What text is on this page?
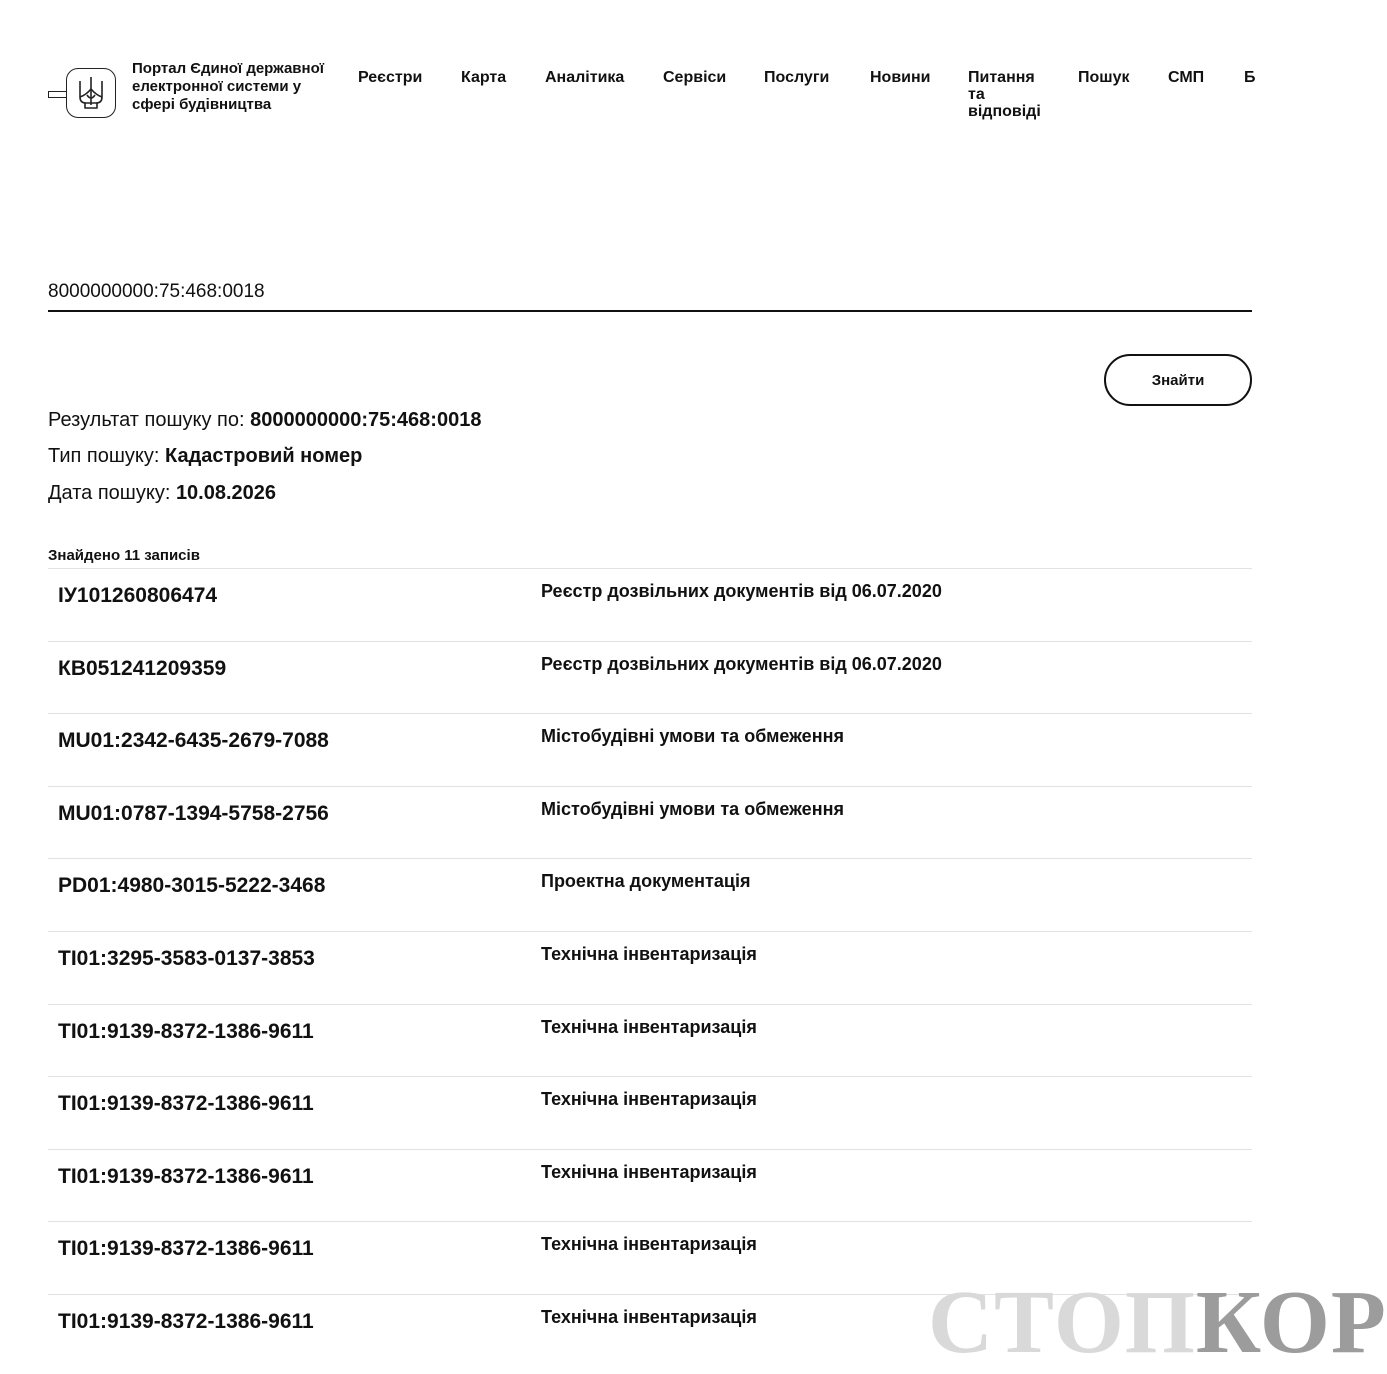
Портал Єдиної державної електронної системи у сфері будівництва
Реєстри Карта Аналітика Сервіси Послуги	Новини Питання та відповіді
Пошук СМП Б
8000000000:75:468:0018
Знайти
Результат пошуку по: 8000000000:75:468:0018
Тип пошуку: Кадастровий номер
Дата пошуку: 10.08.2026
Знайдено 11 записів
ІУ101260806474	Реєстр дозвільних документів від 06.07.2020
КВ051241209359	Реєстр дозвільних документів від 06.07.2020
MU01:2342-6435-2679-7088	Містобудівні умови та обмеження
MU01:0787-1394-5758-2756	Містобудівні умови та обмеження
PD01:4980-3015-5222-3468	Проектна документація
TI01:3295-3583-0137-3853	Технічна інвентаризація
TI01:9139-8372-1386-9611	Технічна інвентаризація
TI01:9139-8372-1386-9611	Технічна інвентаризація
TI01:9139-8372-1386-9611	Технічна інвентаризація
TI01:9139-8372-1386-9611	Технічна інвентаризація
TI01:9139-8372-1386-9611	Технічна інвентаризація СТОПКОР
